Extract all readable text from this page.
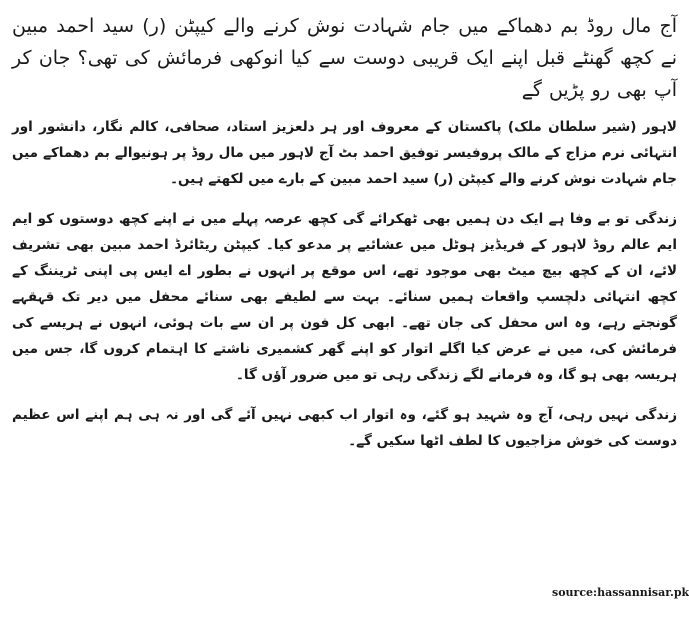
آج مال روڈ بم دھماکے میں جام شہادت نوش کرنے والے کیپٹن (ر) سید احمد مبین نے کچھ گھنٹے قبل اپنے ایک قریبی دوست سے کیا انوکھی فرمائش کی تھی؟ جان کر آپ بھی رو پڑیں گے

لاہور (شیر سلطان ملک) پاکستان کے معروف اور ہر دلعزیز استاد، صحافی، کالم نگار، دانشور اور انتہائی نرم مزاج کے مالک پروفیسر توفیق احمد بٹ آج لاہور میں مال روڈ پر ہونیوالے بم دھماکے میں جام شہادت نوش کرنے والے کیپٹن (ر) سید احمد مبین کے بارے میں لکھتے ہیں۔

زندگی تو بے وفا ہے ایک دن ہمیں بھی ٹھکرائے گی کچھ عرصہ پہلے میں نے اپنے کچھ دوستوں کو ایم ایم عالم روڈ لاہور کے فریڈیز ہوٹل میں عشائیے پر مدعو کیا۔ کیپٹن ریٹائرڈ احمد مبین بھی تشریف لائے، ان کے کچھ بیچ میٹ بھی موجود تھے، اس موقع پر انہوں نے بطور اے ایس پی اپنی ٹریننگ کے کچھ انتہائی دلچسپ واقعات ہمیں سنائے۔ بہت سے لطیفے بھی سنائے محفل میں دیر تک قہقہے گونجتے رہے، وہ اس محفل کی جان تھے۔ ابھی کل فون پر ان سے بات ہوئی، انہوں نے ہریسے کی فرمائش کی، میں نے عرض کیا اگلے اتوار کو اپنے گھر کشمیری ناشتے کا اہتمام کروں گا، جس میں ہریسہ بھی ہو گا، وہ فرمانے لگے زندگی رہی تو میں ضرور آؤں گا۔

زندگی نہیں رہی، آج وہ شہید ہو گئے، وہ اتوار اب کبھی نہیں آئے گی اور نہ ہی ہم اپنے اس عظیم دوست کی خوش مزاجیوں کا لطف اٹھا سکیں گے۔

source:hassannisar.pk
